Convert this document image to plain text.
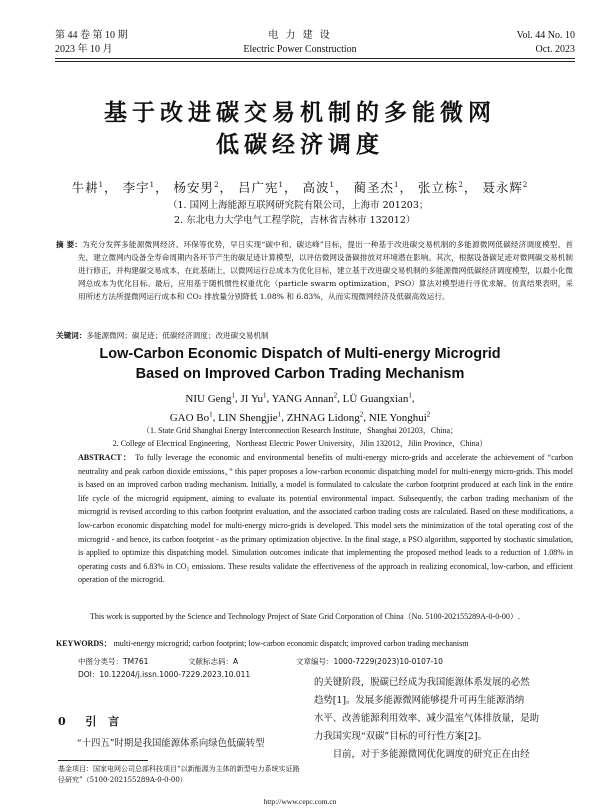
第 44 卷 第 10 期
2023 年 10 月
电 力 建 设
Electric Power Construction
Vol. 44 No. 10
Oct. 2023
基于改进碳交易机制的多能微网
低碳经济调度
牛耕$^1$， 李宇$^1$， 杨安男$^2$， 吕广宪$^1$， 高波$^1$， 蔺圣杰$^1$， 张立栋$^2$， 聂永辉$^2$
（1. 国网上海能源互联网研究院有限公司，上海市 201203；
2. 东北电力大学电气工程学院，吉林省吉林市 132012）
摘 要：为充分发挥多能源微网经济、环保等优势，早日实现“碳中和、碳达峰”目标，提出一种基于改进碳交易机制的多能源微网低碳经济调度模型。首先，建立微网内设备全寿命周期内各环节产生的碳足迹计算模型，以评估微网设备碳排放对环境潜在影响。其次，根据设备碳足迹对微网碳交易机制进行修正，并构建碳交易成本，在此基础上，以微网运行总成本为优化目标，建立基于改进碳交易机制的多能源微网低碳经济调度模型，以最小化微网总成本为优化目标。最后，应用基于随机惯性权重优化（particle swarm optimization，PSO）算法对模型进行寻优求解。仿真结果表明，采用所述方法所提微网运行成本和 CO₂ 排放量分别降低 1.08% 和 6.83%，从而实现微网经济及低碳高效运行。
关键词：多能源微网；碳足迹；低碳经济调度；改进碳交易机制
Low-Carbon Economic Dispatch of Multi-energy Microgrid
Based on Improved Carbon Trading Mechanism
NIU Geng$^1$, JI Yu$^1$, YANG Annan$^2$, LÜ Guangxian$^1$,
GAO Bo$^1$, LIN Shengjie$^1$, ZHNAG Lidong$^2$, NIE Yonghui$^2$
（1. State Grid Shanghai Energy Interconnection Research Institute，Shanghai 201203，China；
2. College of Electrical Engineering，Northeast Electric Power University，Jilin 132012，Jilin Province，China）
ABSTRACT： To fully leverage the economic and environmental benefits of multi-energy micro-grids and accelerate the achievement of “carbon neutrality and peak carbon dioxide emissions，” this paper proposes a low-carbon economic dispatching model for multi-energy micro-grids. This model is based on an improved carbon trading mechanism. Initially, a model is formulated to calculate the carbon footprint produced at each link in the entire life cycle of the microgrid equipment, aiming to evaluate its potential environmental impact. Subsequently, the carbon trading mechanism of the microgrid is revised according to this carbon footprint evaluation, and the associated carbon trading costs are calculated. Based on these modifications, a low-carbon economic dispatching model for multi-energy micro-grids is developed. This model sets the minimization of the total operating cost of the microgrid - and hence, its carbon footprint - as the primary optimization objective. In the final stage, a PSO algorithm, supported by stochastic simulation, is applied to optimize this dispatching model. Simulation outcomes indicate that implementing the proposed method leads to a reduction of 1.08% in operating costs and 6.83% in CO₂ emissions. These results validate the effectiveness of the approach in realizing economical, low-carbon, and efficient operation of the microgrid.
This work is supported by the Science and Technology Project of State Grid Corporation of China（No. 5100-202155289A-0-0-00）.
KEYWORDS： multi-energy microgrid; carbon footprint; low-carbon economic dispatch; improved carbon trading mechanism
中图分类号：TM761	文献标志码：A	文章编号：1000-7229(2023)10-0107-10
DOI：10.12204/j.issn.1000-7229.2023.10.011
0 引 言
“十四五”时期是我国能源体系向绿色低碳转型
基金项目：国家电网公司总部科技项目“以新能源为主体的新型电力系统实证路径研究”（5100-202155289A-0-0-00）
的关键阶段，脱碳已经成为我国能源体系发展的必然
趋势[1]。发展多能源微网能够提升可再生能源消纳
水平、改善能源利用效率、减少温室气体排放量，是助
力我国实现“双碳”目标的可行性方案[2]。
目前，对于多能源微网优化调度的研究正在由经
http://www.cepc.com.cn
